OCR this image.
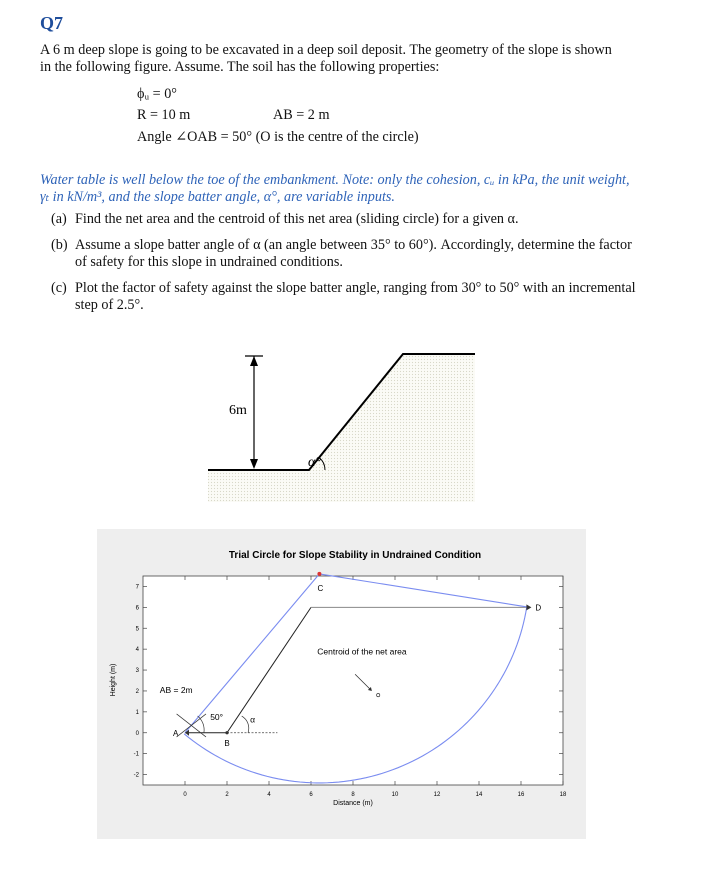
Q7
A 6 m deep slope is going to be excavated in a deep soil deposit. The geometry of the slope is shown
in the following figure. Assume. The soil has the following properties:
ϕᵤ = 0°
R = 10 m	AB = 2 m
Angle ∠OAB = 50° (O is the centre of the circle)
Water table is well below the toe of the embankment. Note: only the cohesion, cᵤ in kPa, the unit weight,
γₜ in kN/m³, and the slope batter angle, α°, are variable inputs.
(a) Find the net area and the centroid of this net area (sliding circle) for a given α.
(b) Assume a slope batter angle of α (an angle between 35° to 60°). Accordingly, determine the factor
of safety for this slope in undrained conditions.
(c) Plot the factor of safety against the slope batter angle, ranging from 30° to 50° with an incremental
step of 2.5°.
6m
α°
Trial Circle for Slope Stability in Undrained Condition
0	2	4	6	8	10	12	14	16	18
-2
-1
0
1
2
3
4
5
6
7	C
D
A
B
AB = 2m
50°	α
Centroid of the net area
Distance (m)
Height (m)
